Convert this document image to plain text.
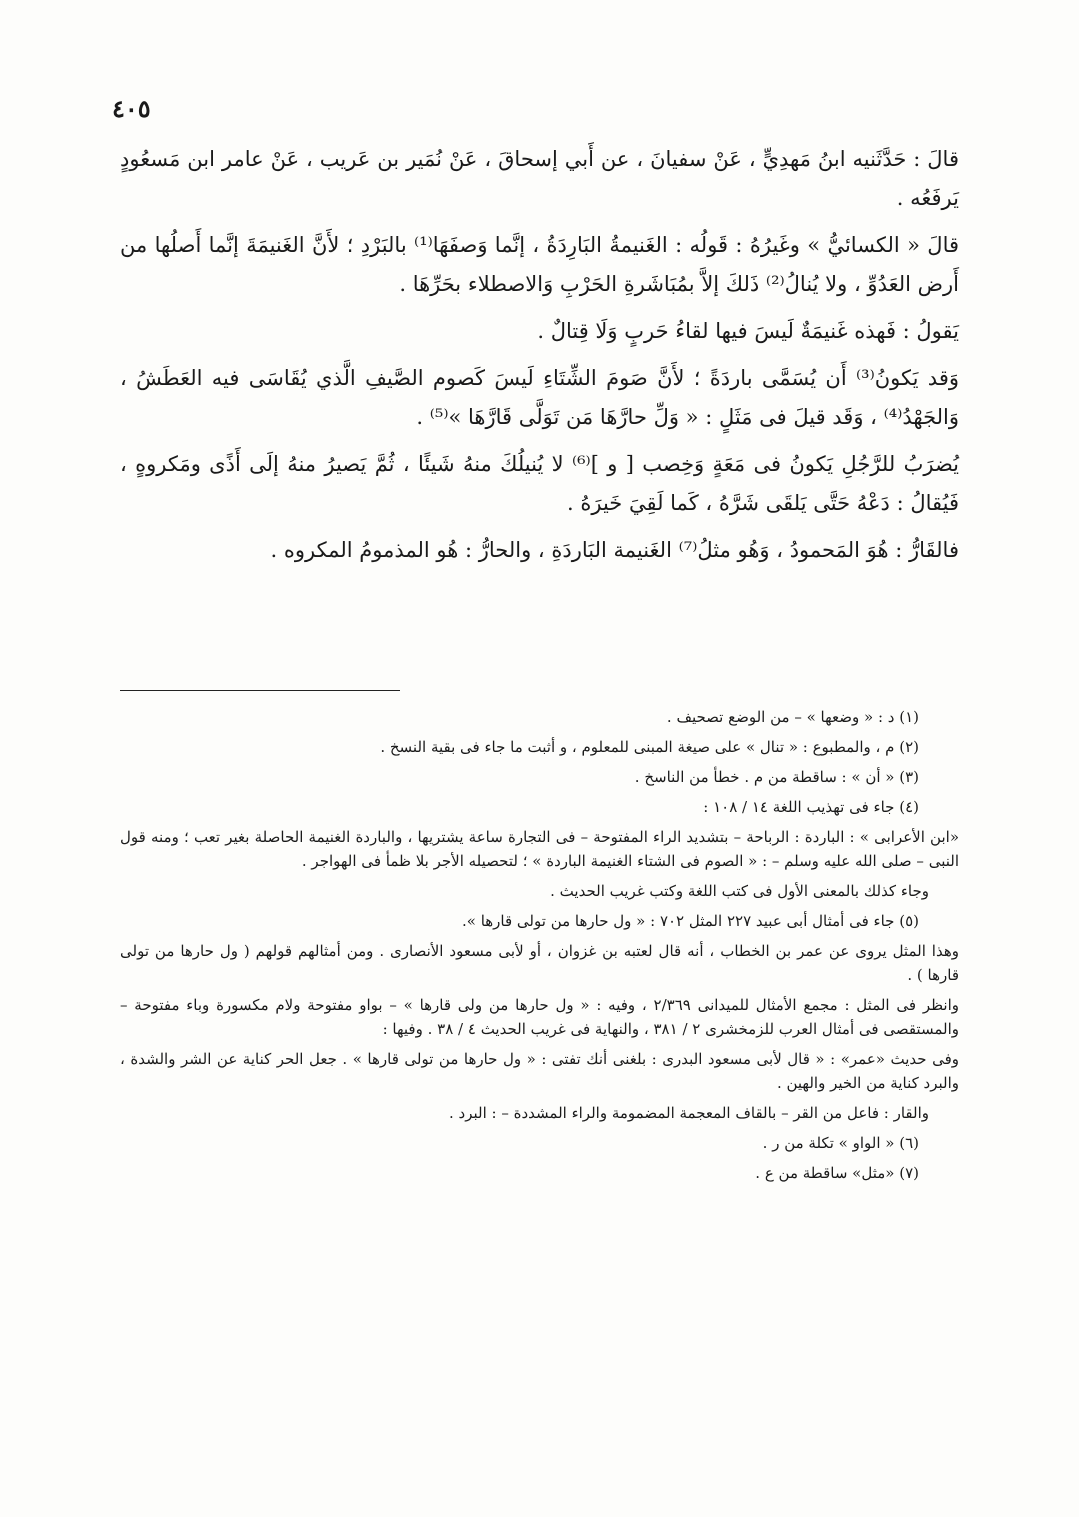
٤٠٥

قالَ : حَدَّثَنيه ابنُ مَهدِيٍّ ، عَنْ سفيانَ ، عن أَبي إسحاقَ ، عَنْ نُمَير بن عَريب ، عَنْ عامر ابن مَسعُودٍ يَرفَعُه .

قالَ « الكسائيُّ » وغَيرُهُ : قَولُه : الغَنيمةُ البَارِدَةُ ، إنَّما وَصفَهَا⁽¹⁾ بالبَرْدِ ؛ لأَنَّ الغَنيمَةَ إنَّما أَصلُها من أَرض العَدُوِّ ، ولا يُنالُ⁽²⁾ ذَلكَ إلاَّ بمُبَاشَرةِ الحَرْبِ وَالاصطلاء بحَرِّهَا .

يَقولُ : فَهذه غَنيمَةٌ لَيسَ فيها لقاءُ حَربٍ وَلَا قِتالٌ .

وَقد يَكونُ⁽³⁾ أَن يُسَمَّى باردَةً ؛ لأَنَّ صَومَ الشِّتَاءِ لَيسَ كَصوم الصَّيفِ الَّذي يُقَاسَى فيه العَطَشُ ، وَالجَهْدُ⁽⁴⁾ ، وَقَد قيلَ فى مَثَلٍ : « وَلِّ حارَّهَا مَن تَوَلَّى قَارَّهَا »⁽⁵⁾ .

يُضرَبُ للرَّجُلِ يَكونُ فى مَعَةٍ وَخِصب [ و ]⁽⁶⁾ لا يُنيلُكَ منهُ شَيئًا ، ثُمَّ يَصيرُ منهُ إلَى أَذًى ومَكروهٍ ، فَيُقالُ : دَعْهُ حَتَّى يَلقَى شَرَّهُ ، كَما لَقِيَ خَيرَهُ .

فالقَارُّ : هُوَ المَحمودُ ، وَهُو مثلُ⁽⁷⁾ الغَنيمة البَاردَةِ ، والحارُّ : هُو المذمومُ المكروه .

(١) د : « وضعها » – من الوضع تصحيف .

(٢) م ، والمطبوع : « تنال » على صيغة المبنى للمعلوم ، و أثبت ما جاء فى بقية النسخ .

(٣) « أن » : ساقطة من م . خطأ من الناسخ .

(٤) جاء فى تهذيب اللغة ١٤ / ١٠٨ :

«ابن الأعرابى » : الباردة : الرباحة – بتشديد الراء المفتوحة – فى التجارة ساعة يشتريها ، والباردة الغنيمة الحاصلة بغير تعب ؛ ومنه قول النبى – صلى الله عليه وسلم – : « الصوم فى الشتاء الغنيمة الباردة » ؛ لتحصيله الأجر بلا ظمأ فى الهواجر .

وجاء كذلك بالمعنى الأول فى كتب اللغة وكتب غريب الحديث .

(٥) جاء فى أمثال أبى عبيد ٢٢٧ المثل ٧٠٢ : « ول حارها من تولى قارها ».

وهذا المثل يروى عن عمر بن الخطاب ، أنه قال لعتبه بن غزوان ، أو لأبى مسعود الأنصارى . ومن أمثالهم قولهم ( ول حارها من تولى قارها ) .

وانظر فى المثل : مجمع الأمثال للميدانى ٢/٣٦٩ ، وفيه : « ول حارها من ولى قارها » – بواو مفتوحة ولام مكسورة وباء مفتوحة – والمستقصى فى أمثال العرب للزمخشرى ٢ / ٣٨١ ، والنهاية فى غريب الحديث ٤ / ٣٨ . وفيها :

وفى حديث «عمر» : « قال لأبى مسعود البدرى : بلغنى أنك تفتى : « ول حارها من تولى قارها » . جعل الحر كناية عن الشر والشدة ، والبرد كناية من الخير والهين .

والقار : فاعل من القر – بالقاف المعجمة المضمومة والراء المشددة – : البرد .

(٦) « الواو » تكلة من ر .

(٧) «مثل» ساقطة من ع .
